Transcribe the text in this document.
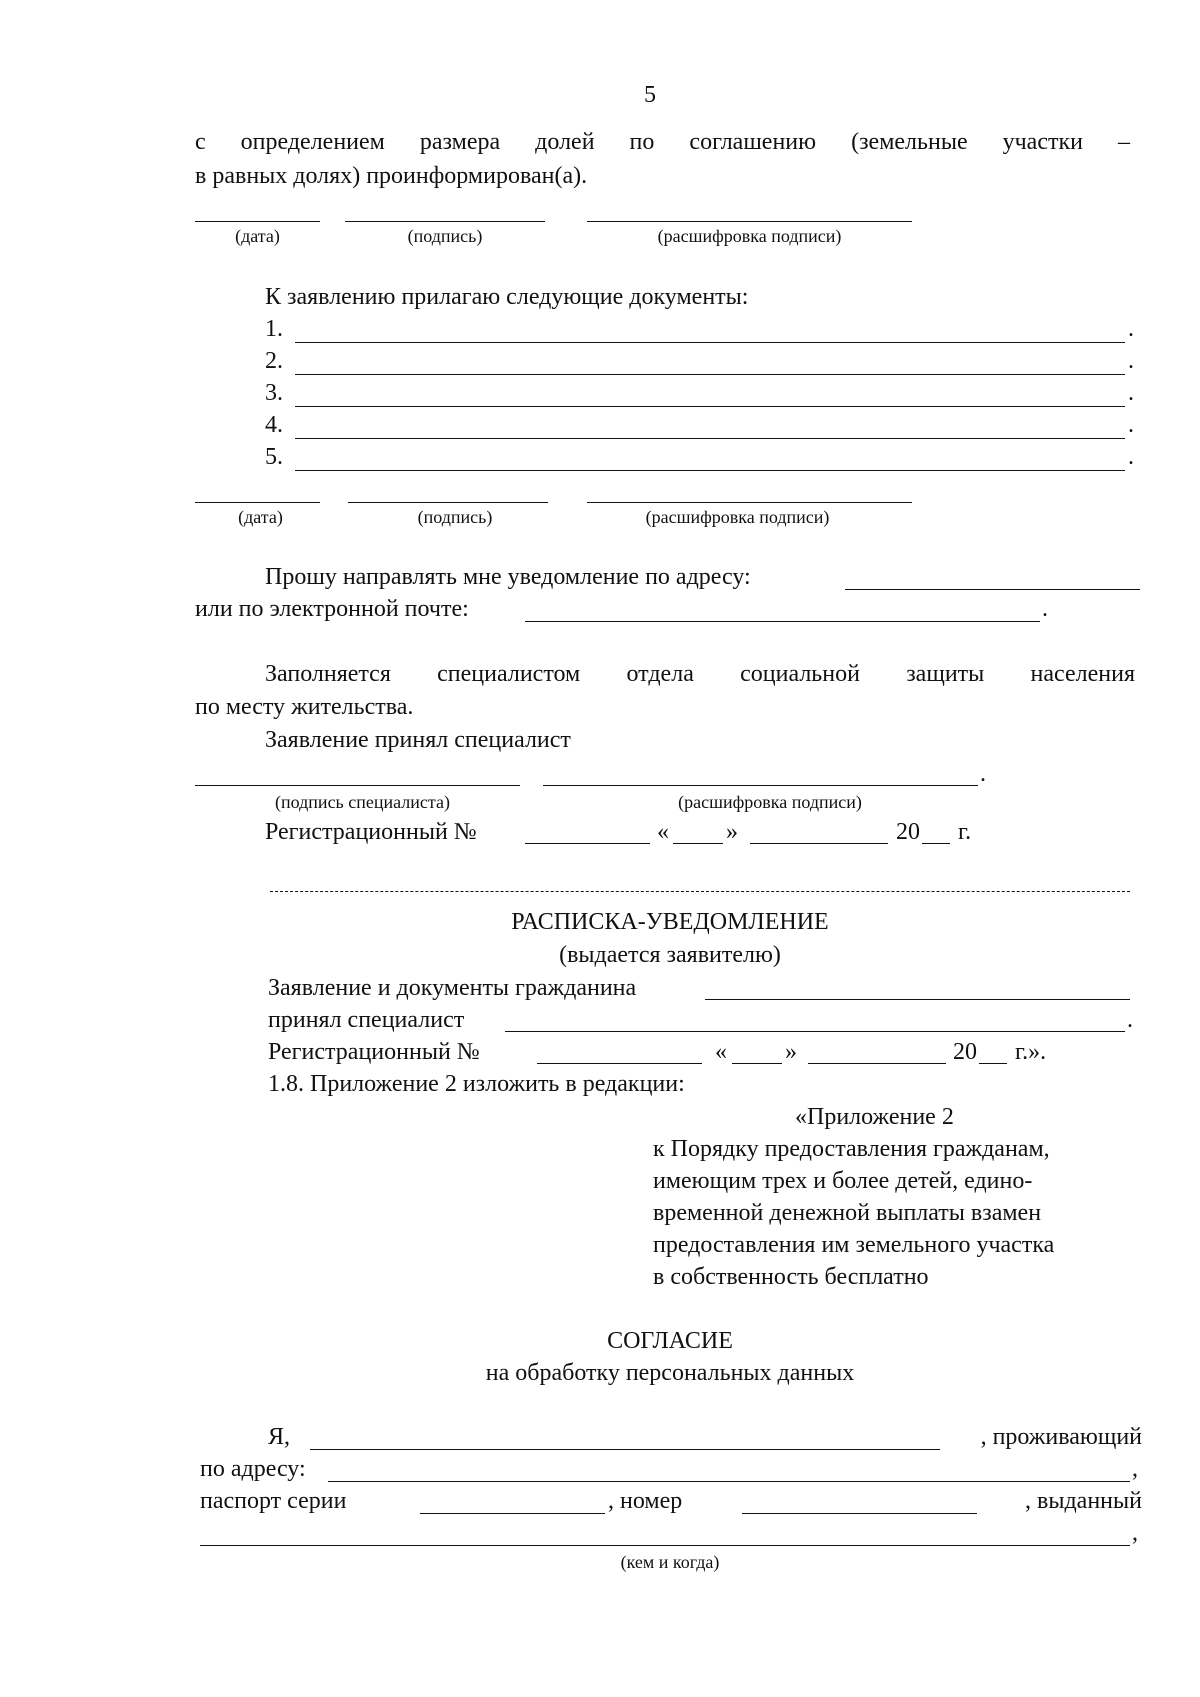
5
с определением размера долей по соглашению (земельные участки –
в равных долях) проинформирован(а).
(дата)	(подпись)	(расшифровка подписи)
К заявлению прилагаю следующие документы:
1.	.
2.	.
3.	.
4.	.
5.	.
(дата)	(подпись)	(расшифровка подписи)
Прошу направлять мне уведомление по адресу:
или по электронной почте:	.
Заполняется специалистом отдела социальной защиты населения
по месту жительства.
Заявление принял специалист
.
(подпись специалиста)	(расшифровка подписи)
Регистрационный №	« »	20 г.
РАСПИСКА-УВЕДОМЛЕНИЕ
(выдается заявителю)
Заявление и документы гражданина
принял специалист	.
Регистрационный №	« »	20 г.».
1.8. Приложение 2 изложить в редакции:
«Приложение 2
к Порядку предоставления гражданам,
имеющим трех и более детей, едино-
временной денежной выплаты взамен
предоставления им земельного участка
в собственность бесплатно
СОГЛАСИЕ
на обработку персональных данных
Я,	, проживающий
по адресу:	,
паспорт серии	, номер	, выданный
,
(кем и когда)
